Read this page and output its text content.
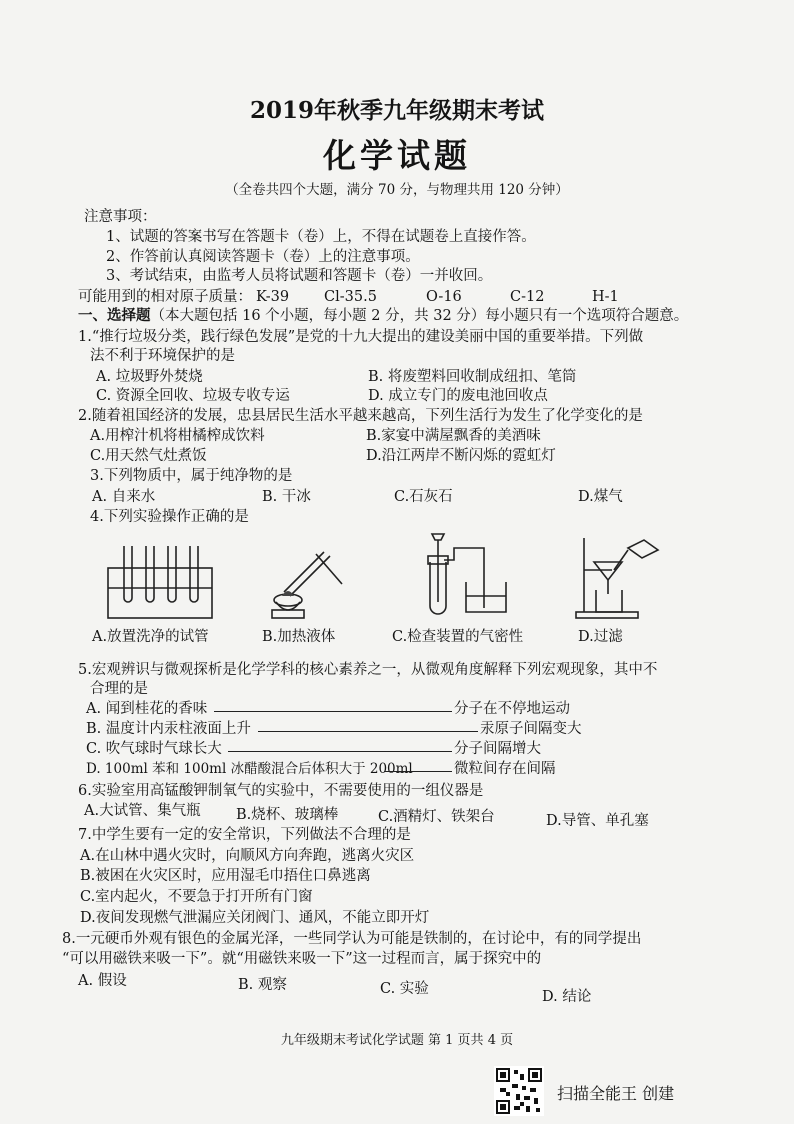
2019年秋季九年级期末考试
化学试题
（全卷共四个大题，满分 70 分，与物理共用 120 分钟）
注意事项：
1、试题的答案书写在答题卡（卷）上，不得在试题卷上直接作答。
2、作答前认真阅读答题卡（卷）上的注意事项。
3、考试结束，由监考人员将试题和答题卡（卷）一并收回。
可能用到的相对原子质量： K-39 Cl-35.5	O-16	C-12	H-1
一、选择题（本大题包括 16 个小题，每小题 2 分，共 32 分）每小题只有一个选项符合题意。
1.“推行垃圾分类，践行绿色发展”是党的十九大提出的建设美丽中国的重要举措。下列做
法不利于环境保护的是
A. 垃圾野外焚烧	B. 将废塑料回收制成纽扣、笔筒
C. 资源全回收、垃圾专收专运	D. 成立专门的废电池回收点
2.随着祖国经济的发展，忠县居民生活水平越来越高，下列生活行为发生了化学变化的是
A.用榨汁机将柑橘榨成饮料	B.家宴中满屋飘香的美酒味
C.用天然气灶煮饭	D.沿江两岸不断闪烁的霓虹灯
3.下列物质中，属于纯净物的是
A. 自来水	B. 干冰	C.石灰石	D.煤气
4.下列实验操作正确的是
A.放置洗净的试管	B.加热液体	C.检查装置的气密性	D.过滤
5.宏观辨识与微观探析是化学学科的核心素养之一，从微观角度解释下列宏观现象，其中不
合理的是
A. 闻到桂花的香味	分子在不停地运动
B. 温度计内汞柱液面上升	汞原子间隔变大
C. 吹气球时气球长大	分子间隔增大
D. 100ml 苯和 100ml 冰醋酸混合后体积大于 200ml	微粒间存在间隔
6.实验室用高锰酸钾制氧气的实验中，不需要使用的一组仪器是
A.大试管、集气瓶 B.烧杯、玻璃棒	C.酒精灯、铁架台	D.导管、单孔塞
7.中学生要有一定的安全常识，下列做法不合理的是
A.在山林中遇火灾时，向顺风方向奔跑，逃离火灾区
B.被困在火灾区时，应用湿毛巾捂住口鼻逃离
C.室内起火，不要急于打开所有门窗
D.夜间发现燃气泄漏应关闭阀门、通风，不能立即开灯
8.一元硬币外观有银色的金属光泽，一些同学认为可能是铁制的，在讨论中，有的同学提出
“可以用磁铁来吸一下”。就“用磁铁来吸一下”这一过程而言，属于探究中的
A. 假设	B. 观察	C. 实验	D. 结论
九年级期末考试化学试题 第 1 页共 4 页
扫描全能王 创建
